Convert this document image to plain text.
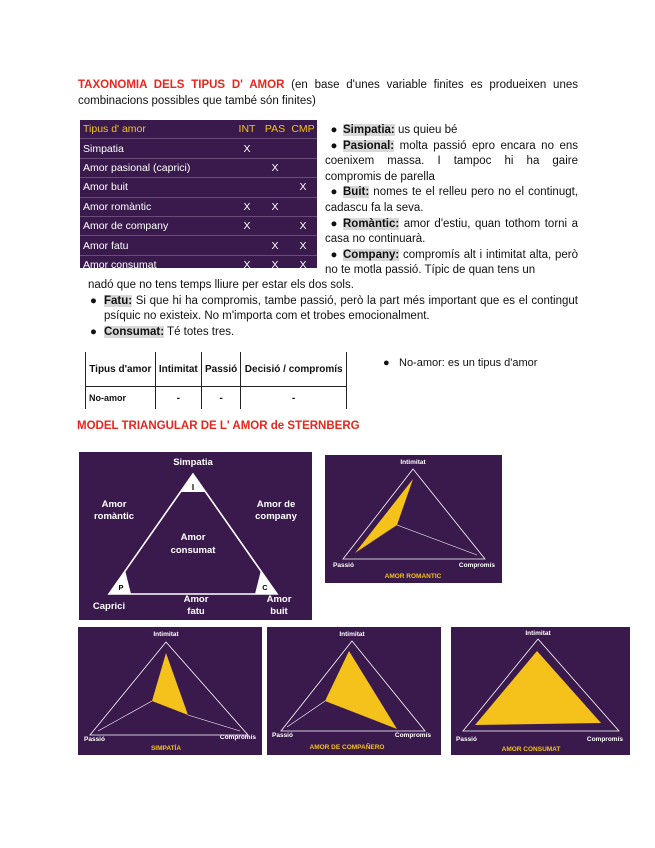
TAXONOMIA DELS TIPUS D' AMOR (en base d'unes variable finites es produeixen unes combinacions possibles que també són finites)
Tipus d' amor	INT	PAS	CMP
Simpatia	X		
Amor pasional (caprici)		X	
Amor buit			X
Amor romàntic	X	X	
Amor de company	X		X
Amor fatu		X	X
Amor consumat	X	X	X

● Simpatia: us quieu bé

● Pasional: molta passió epro encara no ens coenixem massa. I tampoc hi ha gaire compromis de parella

● Buit: nomes te el relleu pero no el continugt, cadascu fa la seva.

● Romàntic: amor d'estiu, quan tothom torni a casa no continuarà.

● Company: compromís alt i intimitat alta, però no te motla passió. Típic de quan tens un

nadó que no tens temps lliure per estar els dos sols.

● Fatu: Si que hi ha compromis, tambe passió, però la part més important que es el contingut psíquic no existeix. No m'importa com et trobes emocionalment.

● Consumat: Té totes tres.

Tipus d'amor	Intimitat	Passió	Decisió / compromís
No-amor	-	-	-
● No-amor: es un tipus d'amor
MODEL TRIANGULAR DE L' AMOR de STERNBERG
Simpatia
I
P	C
Amor
romàntic
Amor de
company
Amor
consumat
Caprici
Amor
fatu
Amor
buit
Intimitat
Passió	Compromís
AMOR ROMANTIC
Intimitat
Passió	Compromís
SIMPATÍA
Intimitat
Passió	Compromís
AMOR DE COMPAÑERO
Intimitat
Passió	Compromís
AMOR CONSUMAT
